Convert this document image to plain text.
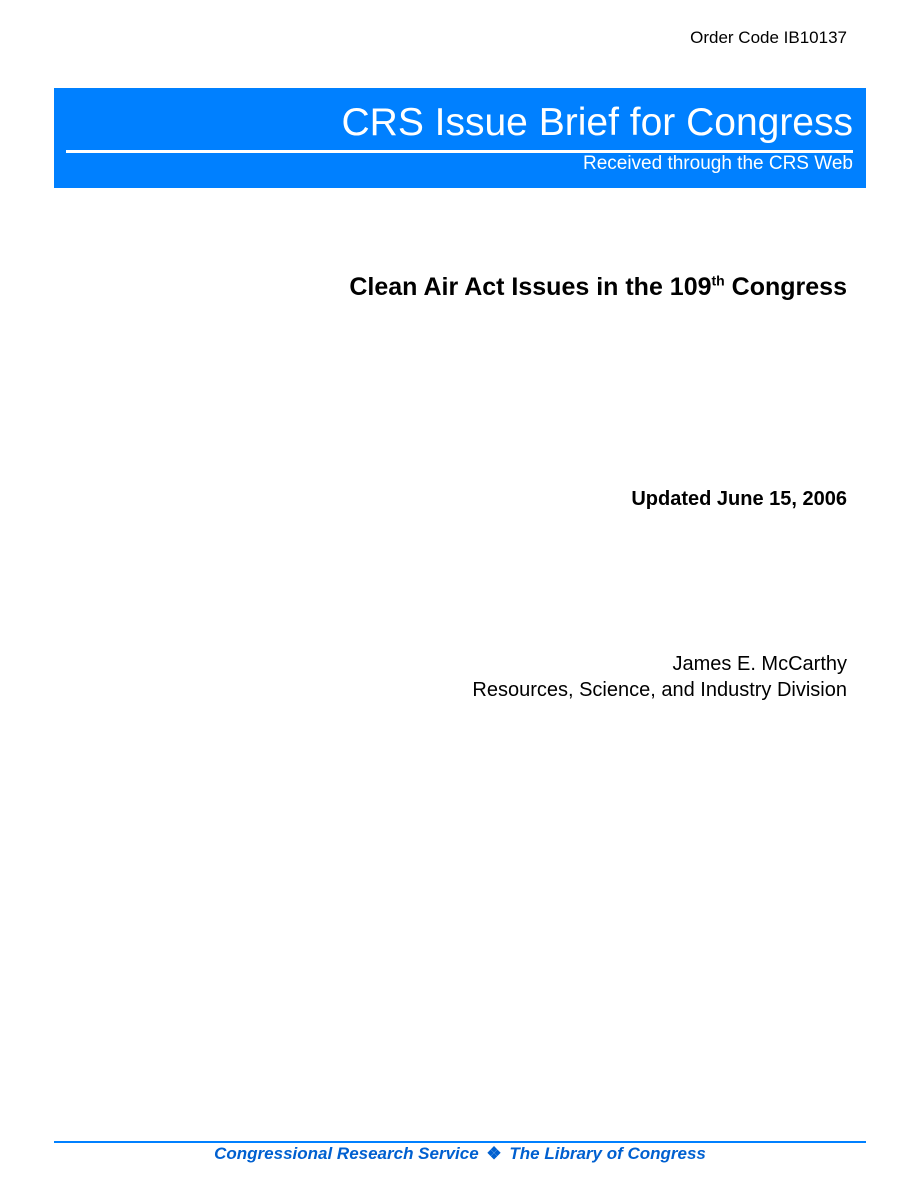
Order Code IB10137
CRS Issue Brief for Congress
Received through the CRS Web
Clean Air Act Issues in the 109th Congress
Updated June 15, 2006
James E. McCarthy
Resources, Science, and Industry Division
Congressional Research Service ❖ The Library of Congress
